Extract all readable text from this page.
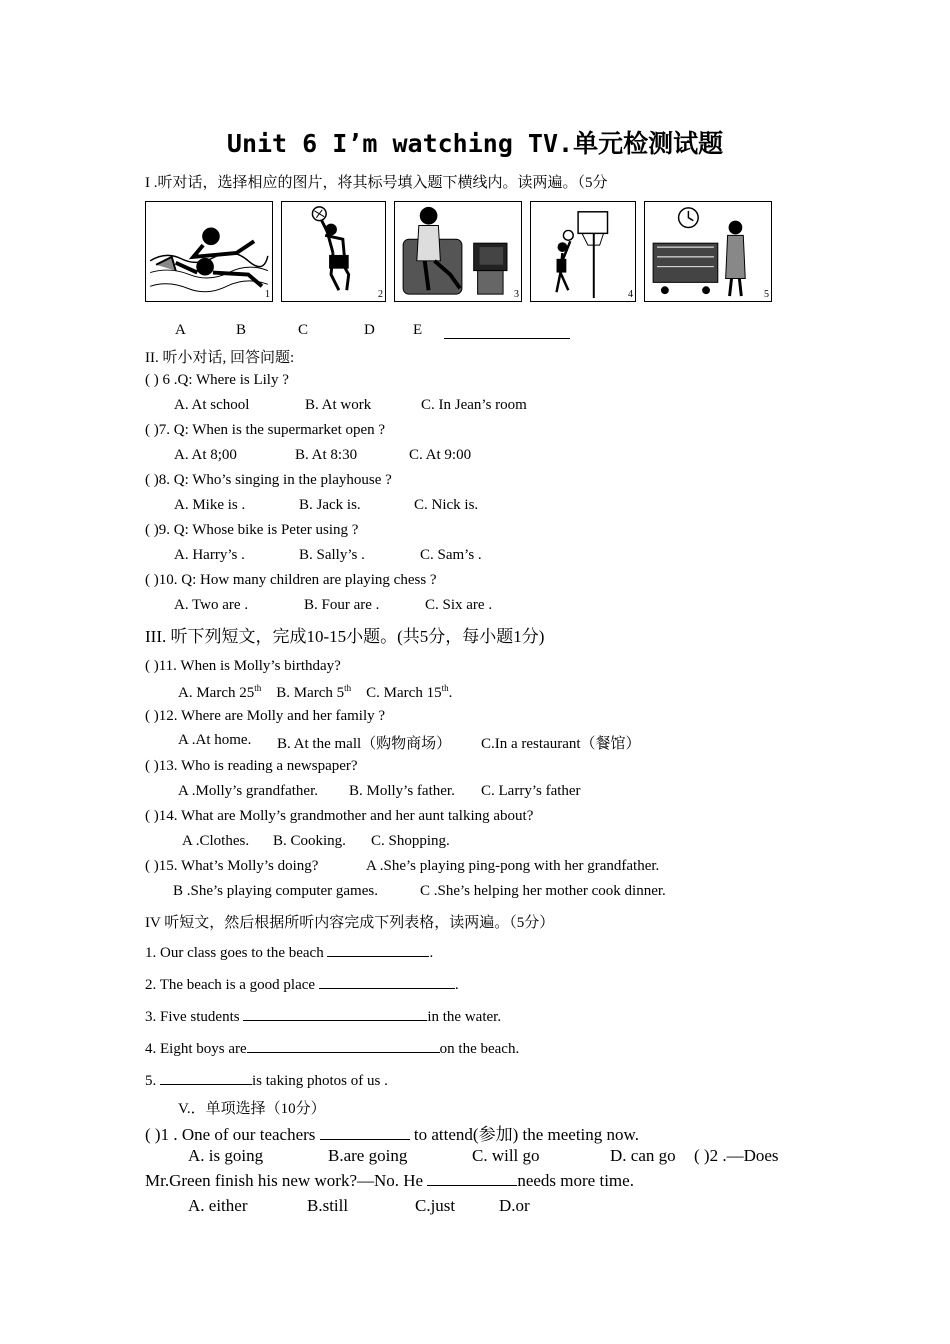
Unit 6 I’m watching TV.单元检测试题
I .听对话，选择相应的图片，将其标号填入题下横线内。读两遍。（5分
1	2	3	4	5
A	B	C	D	E
II. 听小对话, 回答问题:
( ) 6 .Q: Where is Lily ?
A. At school	B. At work	C. In Jean’s room
( )7. Q: When is the supermarket open ?
A. At 8;00	B. At 8:30	C. At 9:00
( )8. Q: Who’s singing in the playhouse ?
A. Mike is .	B. Jack is.	C. Nick is.
( )9. Q: Whose bike is Peter using ?
A. Harry’s .	B. Sally’s .	C. Sam’s .
( )10. Q: How many children are playing chess ?
A. Two are .	B. Four are .	C. Six are .
III. 听下列短文，完成10-15小题。(共5分，每小题1分)
( )11. When is Molly’s birthday?
A. March 25th B. March 5th C. March 15th.
( )12. Where are Molly and her family ?
A .At home. B. At the mall（购物商场） C.In a restaurant（餐馆）
( )13. Who is reading a newspaper?
A .Molly’s grandfather. B. Molly’s father. C. Larry’s father
( )14. What are Molly’s grandmother and her aunt talking about?
A .Clothes. B. Cooking. C. Shopping.
( )15. What’s Molly’s doing?	A .She’s playing ping-pong with her grandfather.
B .She’s playing computer games.	C .She’s helping her mother cook dinner.
IV 听短文，然后根据所听内容完成下列表格，读两遍。（5分）
1. Our class goes to the beach	.
2. The beach is a good place	.
3. Five students	in the water.
4. Eight boys are	on the beach.
5.	is taking photos of us .
V.．单项选择（10分）
( )1 . One of our teachers	to attend(参加) the meeting now.
A. is going	B.are going	C. will go	D. can go ( )2 .—Does
Mr.Green finish his new work?—No. He	needs more time.
A. either	B.still	C.just	D.or
